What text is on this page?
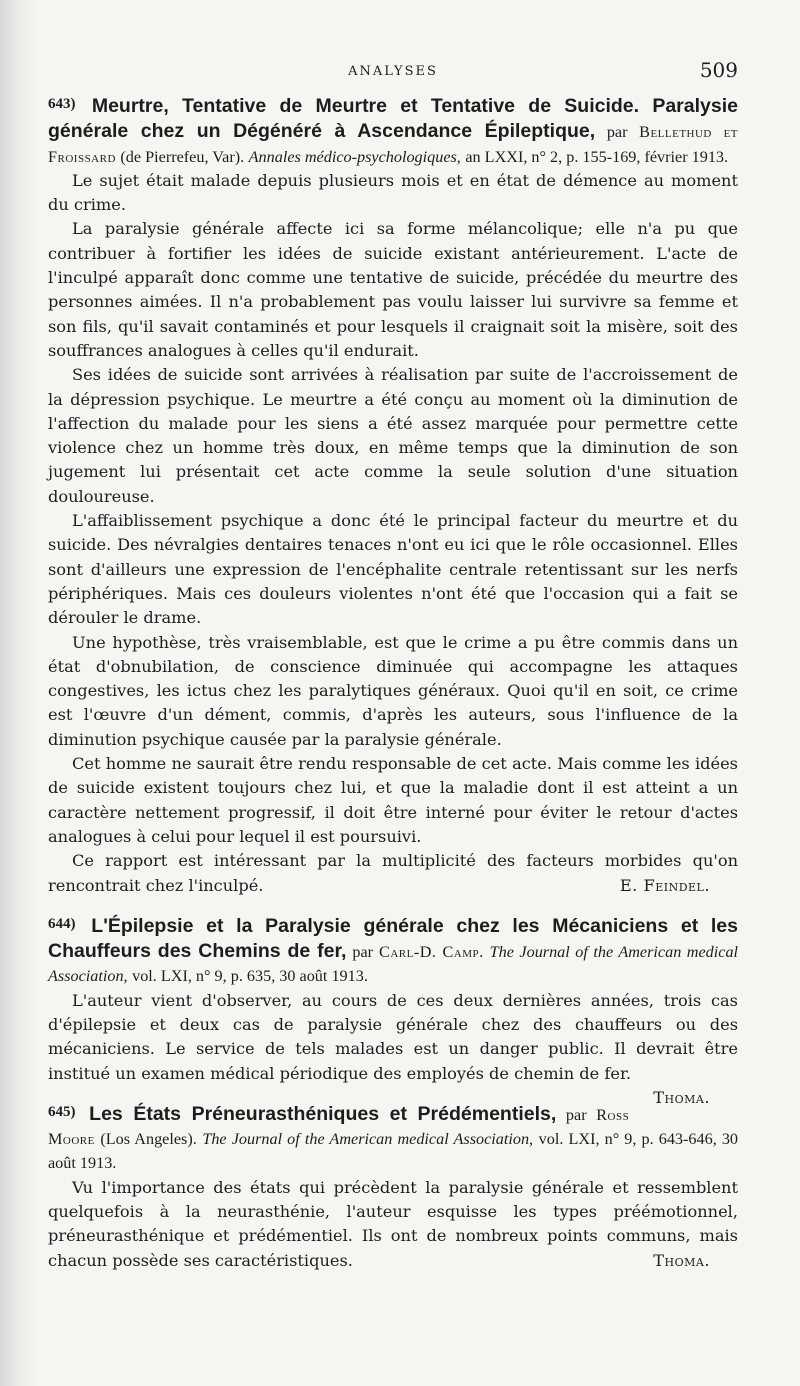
ANALYSES	509

643) Meurtre, Tentative de Meurtre et Tentative de Suicide. Paralysie générale chez un Dégénéré à Ascendance Épileptique, par Bellethud et Froissard (de Pierrefeu, Var). Annales médico-psychologiques, an LXXI, n° 2, p. 155-169, février 1913.

Le sujet était malade depuis plusieurs mois et en état de démence au moment du crime.

La paralysie générale affecte ici sa forme mélancolique; elle n'a pu que contribuer à fortifier les idées de suicide existant antérieurement. L'acte de l'inculpé apparaît donc comme une tentative de suicide, précédée du meurtre des personnes aimées. Il n'a probablement pas voulu laisser lui survivre sa femme et son fils, qu'il savait contaminés et pour lesquels il craignait soit la misère, soit des souffrances analogues à celles qu'il endurait.

Ses idées de suicide sont arrivées à réalisation par suite de l'accroissement de la dépression psychique. Le meurtre a été conçu au moment où la diminution de l'affection du malade pour les siens a été assez marquée pour permettre cette violence chez un homme très doux, en même temps que la diminution de son jugement lui présentait cet acte comme la seule solution d'une situation douloureuse.

L'affaiblissement psychique a donc été le principal facteur du meurtre et du suicide. Des névralgies dentaires tenaces n'ont eu ici que le rôle occasionnel. Elles sont d'ailleurs une expression de l'encéphalite centrale retentissant sur les nerfs périphériques. Mais ces douleurs violentes n'ont été que l'occasion qui a fait se dérouler le drame.

Une hypothèse, très vraisemblable, est que le crime a pu être commis dans un état d'obnubilation, de conscience diminuée qui accompagne les attaques congestives, les ictus chez les paralytiques généraux. Quoi qu'il en soit, ce crime est l'œuvre d'un dément, commis, d'après les auteurs, sous l'influence de la diminution psychique causée par la paralysie générale.

Cet homme ne saurait être rendu responsable de cet acte. Mais comme les idées de suicide existent toujours chez lui, et que la maladie dont il est atteint a un caractère nettement progressif, il doit être interné pour éviter le retour d'actes analogues à celui pour lequel il est poursuivi.

Ce rapport est intéressant par la multiplicité des facteurs morbides qu'on rencontrait chez l'inculpé.	E. Feindel.

644) L'Épilepsie et la Paralysie générale chez les Mécaniciens et les Chauffeurs des Chemins de fer, par Carl-D. Camp. The Journal of the American medical Association, vol. LXI, n° 9, p. 635, 30 août 1913.

L'auteur vient d'observer, au cours de ces deux dernières années, trois cas d'épilepsie et deux cas de paralysie générale chez des chauffeurs ou des mécaniciens. Le service de tels malades est un danger public. Il devrait être institué un examen médical périodique des employés de chemin de fer.
Thoma.

645) Les États Préneurasthéniques et Prédémentiels, par Ross Moore (Los Angeles). The Journal of the American medical Association, vol. LXI, n° 9, p. 643-646, 30 août 1913.

Vu l'importance des états qui précèdent la paralysie générale et ressemblent quelquefois à la neurasthénie, l'auteur esquisse les types préémotionnel, préneurasthénique et prédémentiel. Ils ont de nombreux points communs, mais chacun possède ses caractéristiques.	Thoma.
